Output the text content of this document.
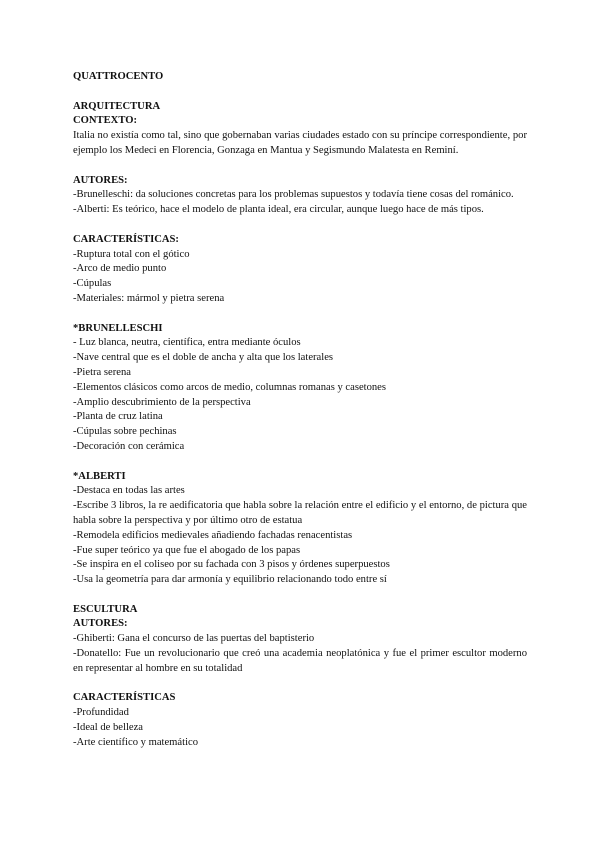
QUATTROCENTO

ARQUITECTURA

CONTEXTO:

Italia no existía como tal, sino que gobernaban varias ciudades estado con su príncipe correspondiente, por ejemplo los Medeci en Florencia, Gonzaga en Mantua y Segismundo Malatesta en Reminí.

AUTORES:

-Brunelleschi: da soluciones concretas para los problemas supuestos y todavía tiene cosas del románico.

-Alberti: Es teórico, hace el modelo de planta ideal, era circular, aunque luego hace de más tipos.

CARACTERÍSTICAS:

-Ruptura total con el gótico

-Arco de medio punto

-Cúpulas

-Materiales: mármol y pietra serena

*BRUNELLESCHI

- Luz blanca, neutra, científica, entra mediante óculos

-Nave central que es el doble de ancha y alta que los laterales

-Pietra serena

-Elementos clásicos como arcos de medio, columnas romanas y casetones

-Amplio descubrimiento de la perspectiva

-Planta de cruz latina

-Cúpulas sobre pechinas

-Decoración con cerámica

*ALBERTI

-Destaca en todas las artes

-Escribe 3 libros, la re aedificatoria que habla sobre la relación entre el edificio y el entorno, de pictura que habla sobre la perspectiva y por último otro de estatua

-Remodela edificios medievales añadiendo fachadas renacentistas

-Fue super teórico ya que fue el abogado de los papas

-Se inspira en el coliseo por su fachada con 3 pisos y órdenes superpuestos

-Usa la geometría para dar armonía y equilibrio relacionando todo entre sí

ESCULTURA

AUTORES:

-Ghiberti: Gana el concurso de las puertas del baptisterio

-Donatello: Fue un revolucionario que creó una academia neoplatónica y fue el primer escultor moderno en representar al hombre en su totalidad

CARACTERÍSTICAS

-Profundidad

-Ideal de belleza

-Arte científico y matemático
